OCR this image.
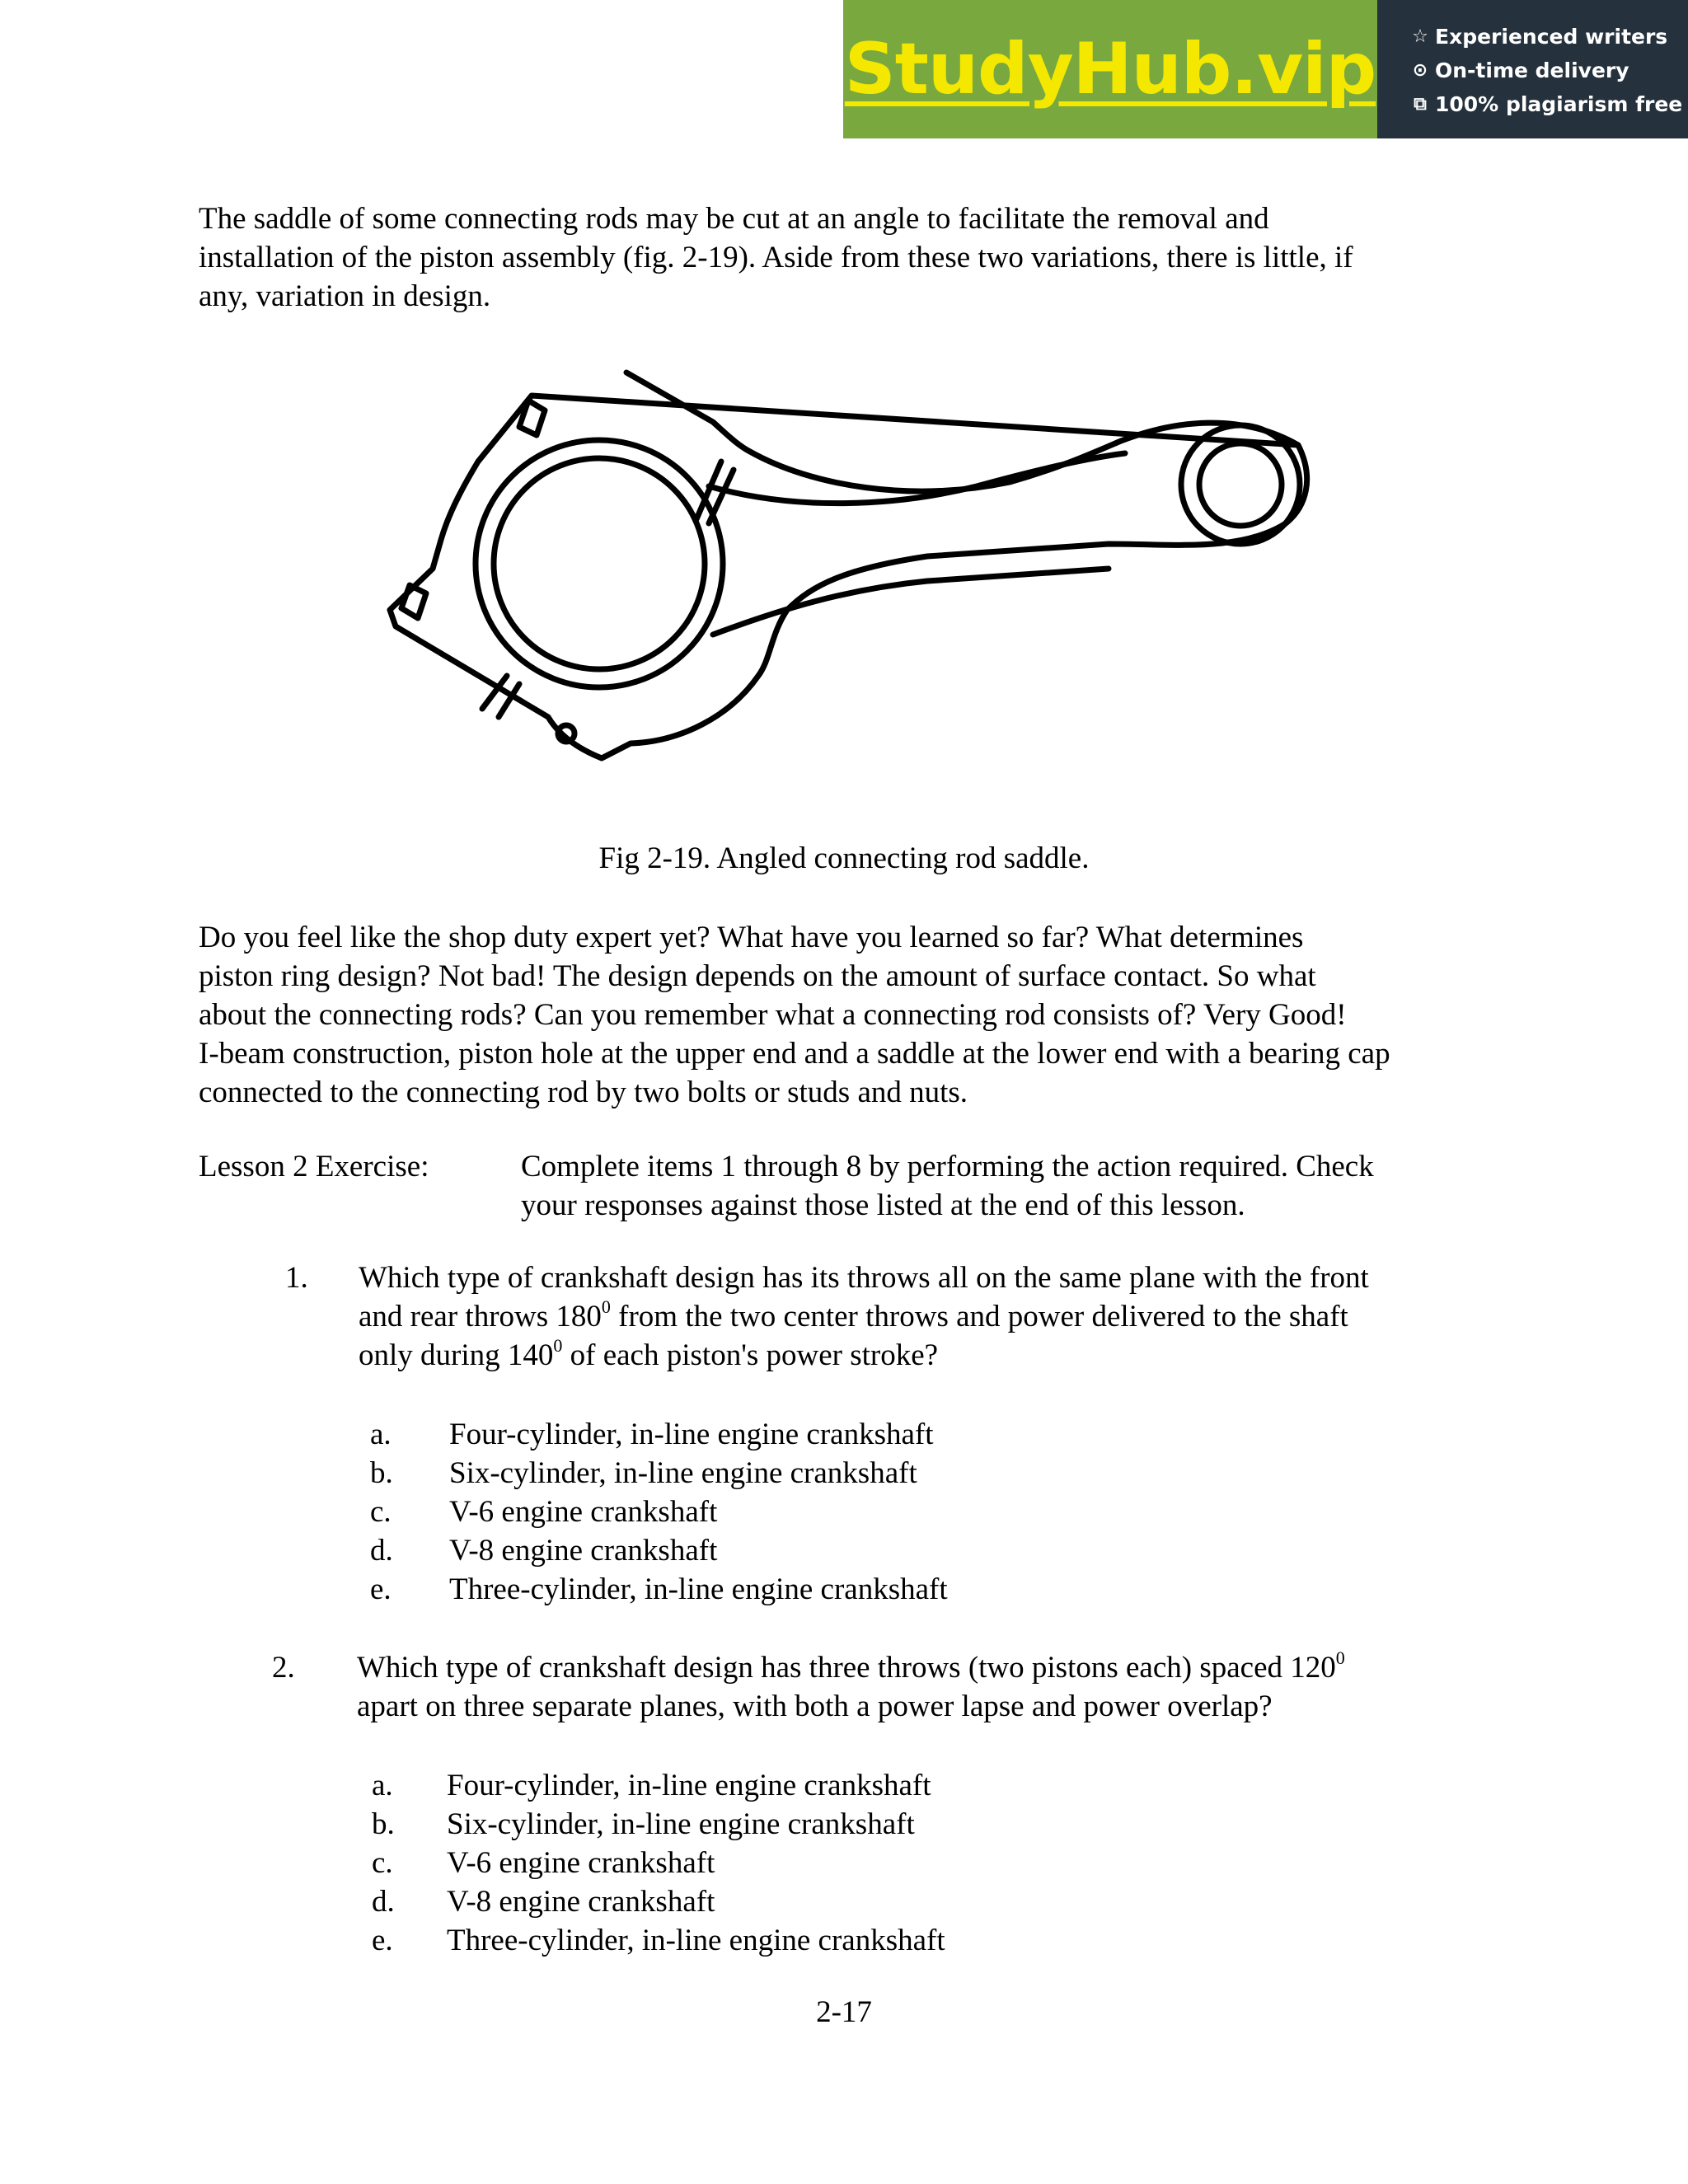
StudyHub.vip ☆ Experienced writers
⊙ On-time delivery
⧉ 100% plagiarism free

The saddle of some connecting rods may be cut at an angle to facilitate the removal and

installation of the piston assembly (fig. 2-19). Aside from these two variations, there is little, if

any, variation in design.

Fig 2-19. Angled connecting rod saddle.

Do you feel like the shop duty expert yet? What have you learned so far? What determines

piston ring design? Not bad! The design depends on the amount of surface contact. So what

about the connecting rods? Can you remember what a connecting rod consists of? Very Good!

I-beam construction, piston hole at the upper end and a saddle at the lower end with a bearing cap

connected to the connecting rod by two bolts or studs and nuts.

Lesson 2 Exercise:	Complete items 1 through 8 by performing the action required. Check
your responses against those listed at the end of this lesson.
1. Which type of crankshaft design has its throws all on the same plane with the front
and rear throws $180^0$ from the two center throws and power delivered to the shaft
only during $140^0$ of each piston's power stroke?
a. Four-cylinder, in-line engine crankshaft
b. Six-cylinder, in-line engine crankshaft
c. V-6 engine crankshaft
d. V-8 engine crankshaft
e. Three-cylinder, in-line engine crankshaft
2. Which type of crankshaft design has three throws (two pistons each) spaced $120^0$
apart on three separate planes, with both a power lapse and power overlap?
a. Four-cylinder, in-line engine crankshaft
b. Six-cylinder, in-line engine crankshaft
c. V-6 engine crankshaft
d. V-8 engine crankshaft
e. Three-cylinder, in-line engine crankshaft
2-17
